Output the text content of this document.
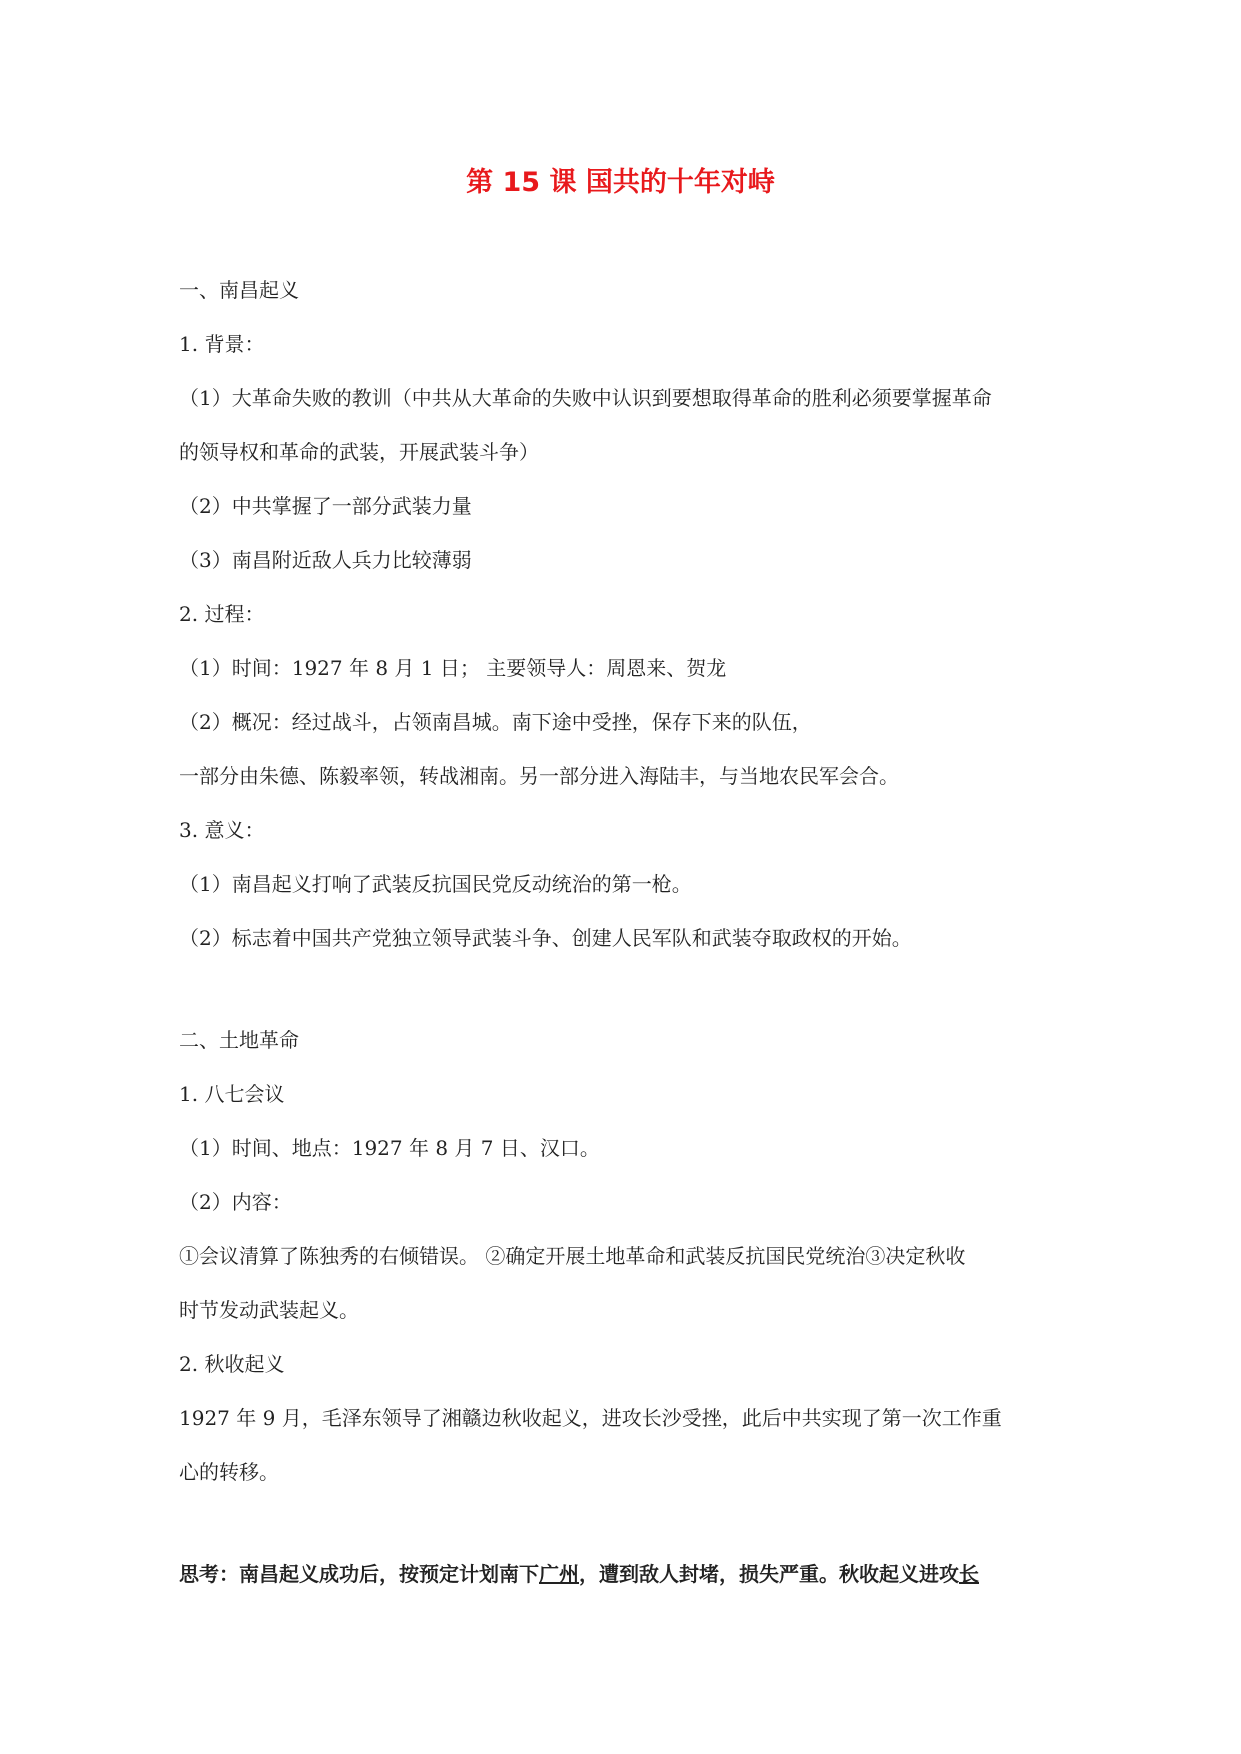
第 15 课 国共的十年对峙
一、南昌起义
1. 背景：
（1）大革命失败的教训（中共从大革命的失败中认识到要想取得革命的胜利必须要掌握革命
的领导权和革命的武装，开展武装斗争）
（2）中共掌握了一部分武装力量
（3）南昌附近敌人兵力比较薄弱
2. 过程：
（1）时间：1927 年 8 月 1 日； 主要领导人：周恩来、贺龙
（2）概况：经过战斗，占领南昌城。南下途中受挫，保存下来的队伍，
一部分由朱德、陈毅率领，转战湘南。另一部分进入海陆丰，与当地农民军会合。
3. 意义：
（1）南昌起义打响了武装反抗国民党反动统治的第一枪。
（2）标志着中国共产党独立领导武装斗争、创建人民军队和武装夺取政权的开始。
二、土地革命
1. 八七会议
（1）时间、地点：1927 年 8 月 7 日、汉口。
（2）内容：
①会议清算了陈独秀的右倾错误。 ②确定开展土地革命和武装反抗国民党统治③决定秋收
时节发动武装起义。
2. 秋收起义
1927 年 9 月，毛泽东领导了湘赣边秋收起义，进攻长沙受挫，此后中共实现了第一次工作重
心的转移。
思考：南昌起义成功后，按预定计划南下广州，遭到敌人封堵，损失严重。秋收起义进攻长
